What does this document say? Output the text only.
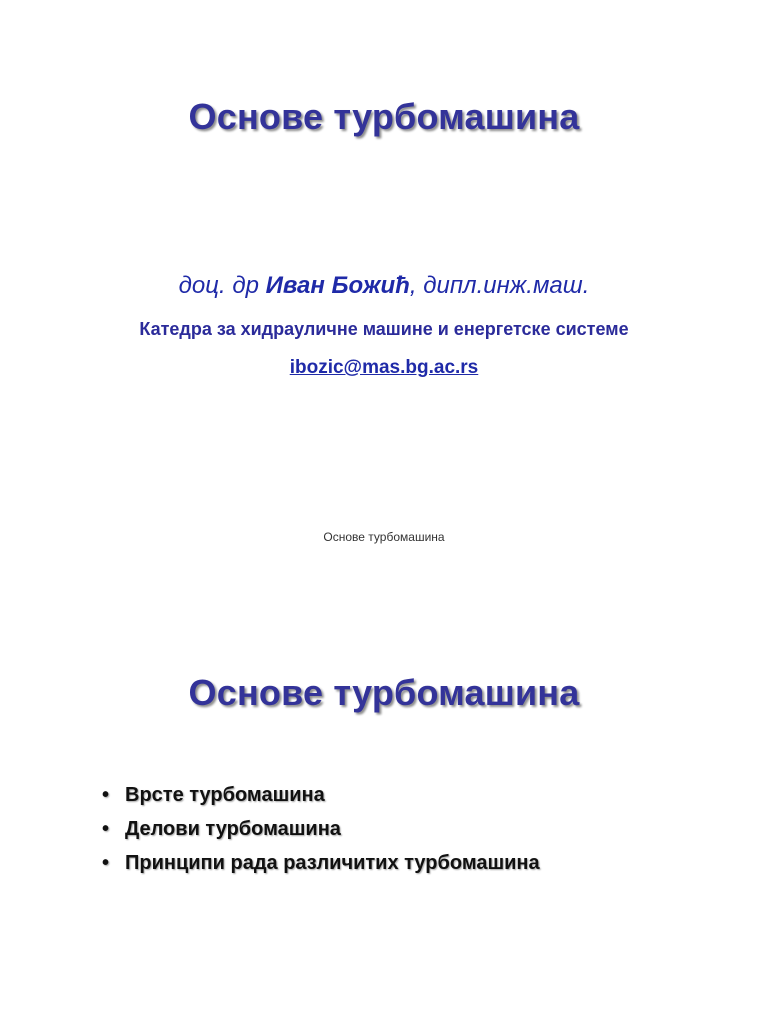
Основе турбомашина
доц. др Иван Божић, дипл.инж.маш.
Катедра за хидрауличне машине и енергетске системе
ibozic@mas.bg.ac.rs
Основе турбомашина
Основе турбомашина
• Врсте турбомашина
• Делови турбомашина
• Принципи рада различитих турбомашина
